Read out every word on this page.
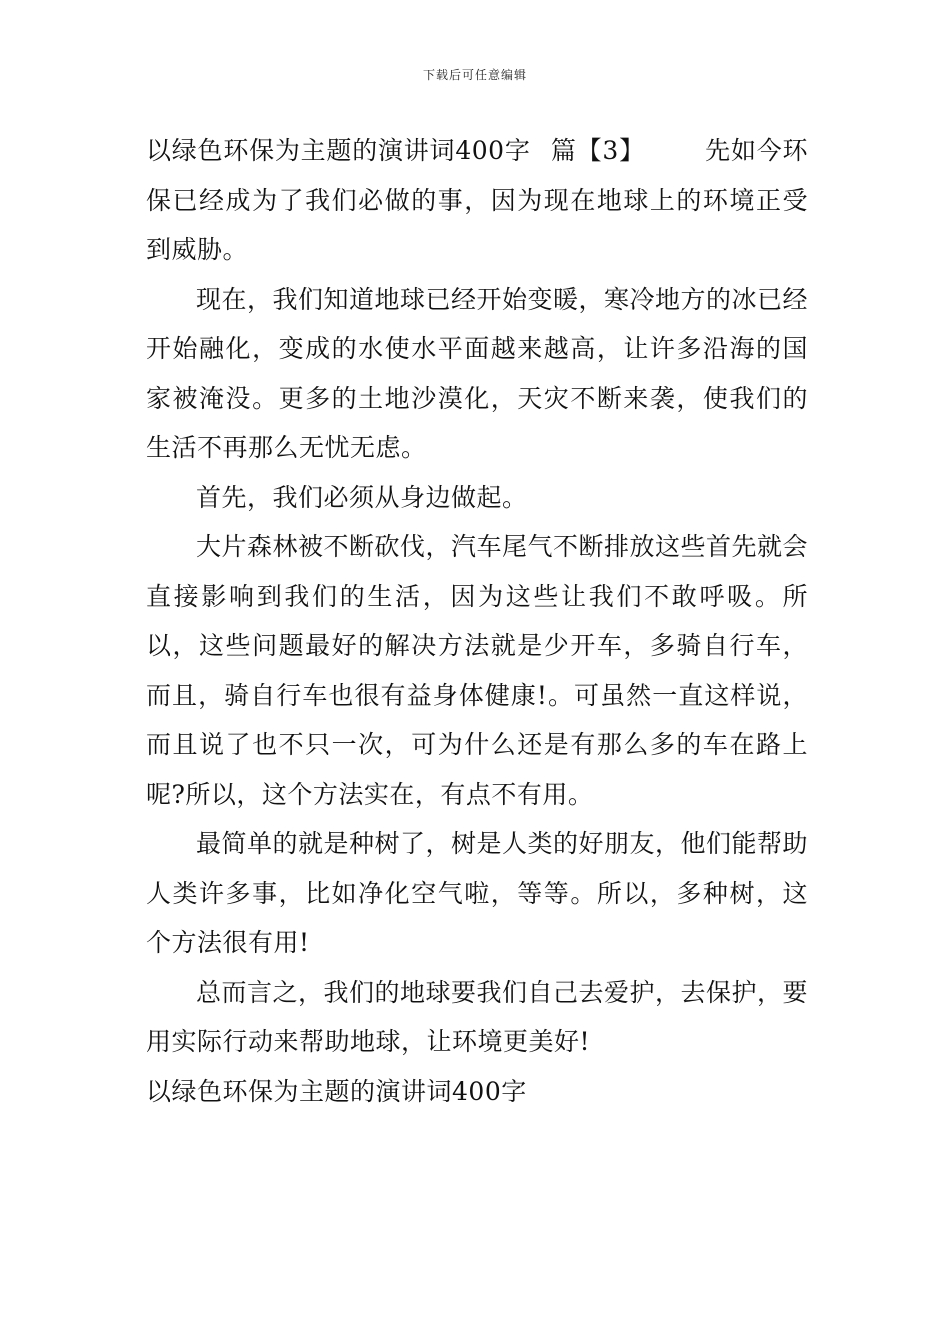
下载后可任意编辑

以绿色环保为主题的演讲词400字 篇【3】 先如今环保已经成为了我们必做的事，因为现在地球上的环境正受到威胁。

现在，我们知道地球已经开始变暖，寒冷地方的冰已经开始融化，变成的水使水平面越来越高，让许多沿海的国家被淹没。更多的土地沙漠化，天灾不断来袭，使我们的生活不再那么无忧无虑。

首先，我们必须从身边做起。

大片森林被不断砍伐，汽车尾气不断排放这些首先就会直接影响到我们的生活，因为这些让我们不敢呼吸。所以，这些问题最好的解决方法就是少开车，多骑自行车，而且，骑自行车也很有益身体健康!。可虽然一直这样说，而且说了也不只一次，可为什么还是有那么多的车在路上呢?所以，这个方法实在，有点不有用。

最简单的就是种树了，树是人类的好朋友，他们能帮助人类许多事，比如净化空气啦，等等。所以，多种树，这个方法很有用!

总而言之，我们的地球要我们自己去爱护，去保护，要用实际行动来帮助地球，让环境更美好!

以绿色环保为主题的演讲词400字
